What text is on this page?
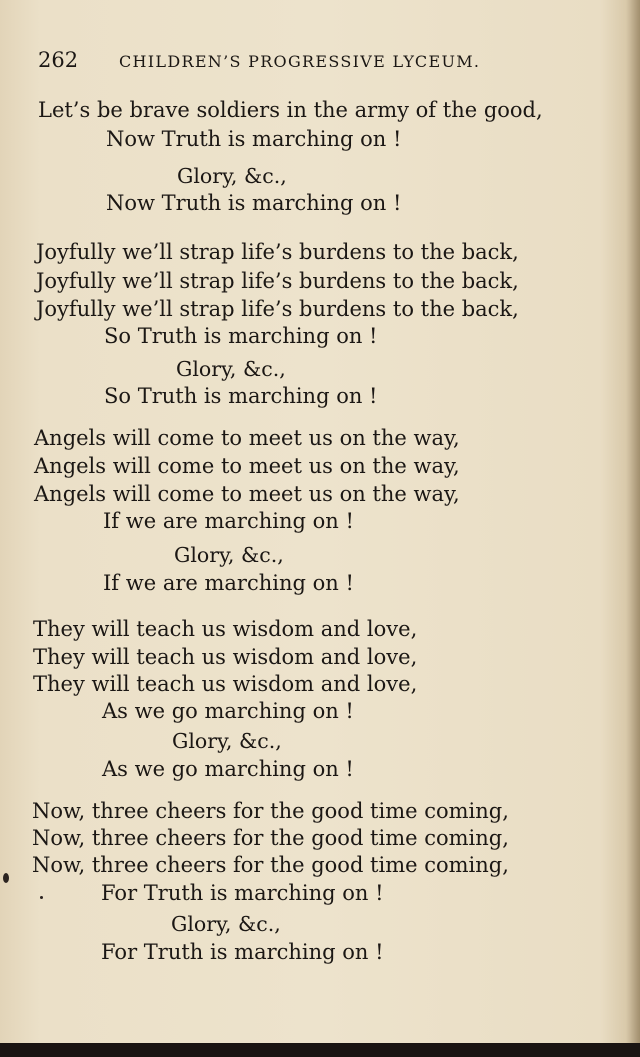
262	CHILDREN’S PROGRESSIVE LYCEUM.
Let’s be brave soldiers in the army of the good,
Now Truth is marching on !
Glory, &c.,
Now Truth is marching on !
Joyfully we’ll strap life’s burdens to the back,
Joyfully we’ll strap life’s burdens to the back,
Joyfully we’ll strap life’s burdens to the back,
So Truth is marching on !
Glory, &c.,
So Truth is marching on !
Angels will come to meet us on the way,
Angels will come to meet us on the way,
Angels will come to meet us on the way,
If we are marching on !
Glory, &c.,
If we are marching on !
They will teach us wisdom and love,
They will teach us wisdom and love,
They will teach us wisdom and love,
As we go marching on !
Glory, &c.,
As we go marching on !
Now, three cheers for the good time coming,
Now, three cheers for the good time coming,
Now, three cheers for the good time coming,
For Truth is marching on !
Glory, &c.,
For Truth is marching on !
